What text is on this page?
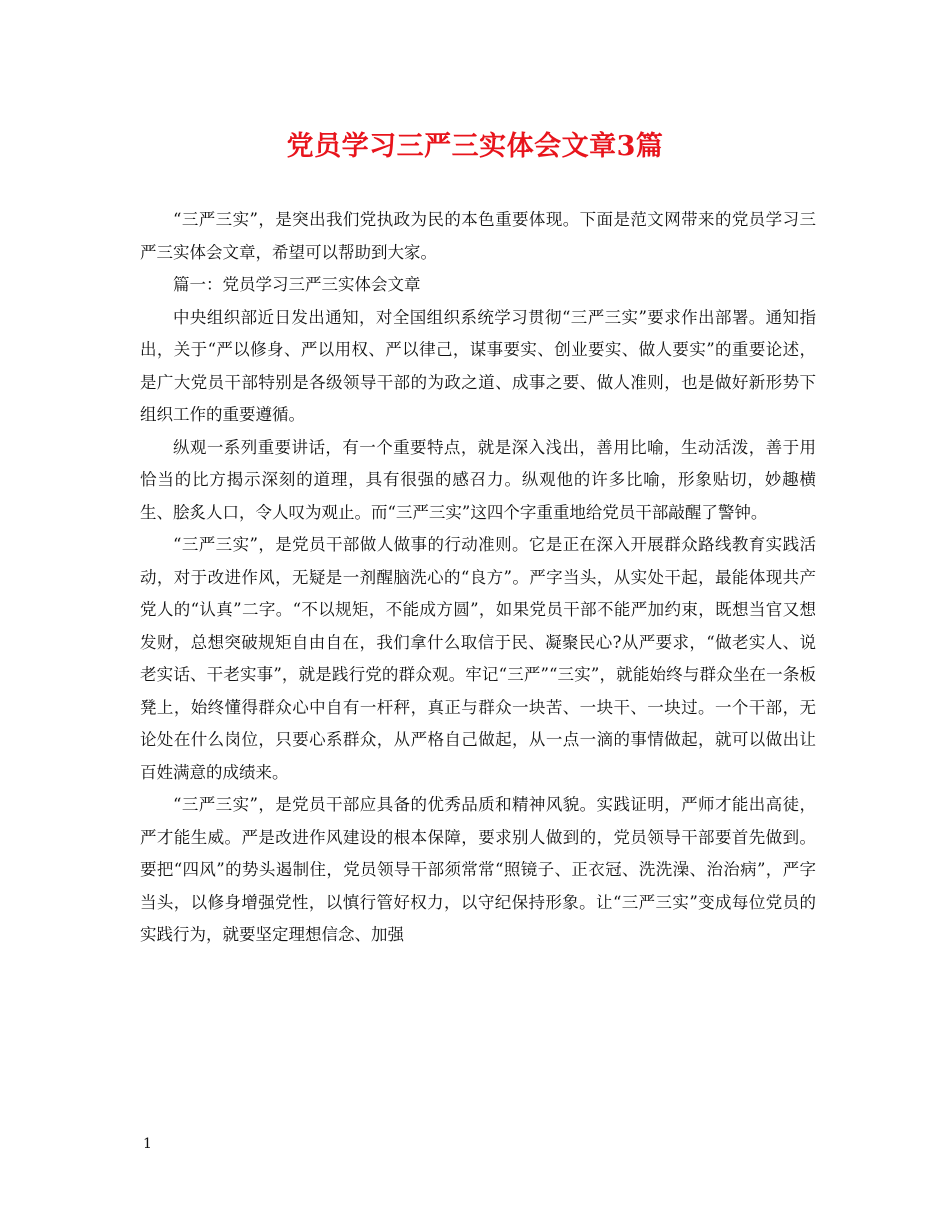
党员学习三严三实体会文章3篇

“三严三实”，是突出我们党执政为民的本色重要体现。下面是范文网带来的党员学习三严三实体会文章，希望可以帮助到大家。

篇一：党员学习三严三实体会文章

中央组织部近日发出通知，对全国组织系统学习贯彻“三严三实”要求作出部署。通知指出，关于“严以修身、严以用权、严以律己，谋事要实、创业要实、做人要实”的重要论述，是广大党员干部特别是各级领导干部的为政之道、成事之要、做人准则，也是做好新形势下组织工作的重要遵循。

纵观一系列重要讲话，有一个重要特点，就是深入浅出，善用比喻，生动活泼，善于用恰当的比方揭示深刻的道理，具有很强的感召力。纵观他的许多比喻，形象贴切，妙趣横生、脍炙人口，令人叹为观止。而“三严三实”这四个字重重地给党员干部敲醒了警钟。

“三严三实”，是党员干部做人做事的行动准则。它是正在深入开展群众路线教育实践活动，对于改进作风，无疑是一剂醒脑洗心的“良方”。严字当头，从实处干起，最能体现共产党人的“认真”二字。“不以规矩，不能成方圆”，如果党员干部不能严加约束，既想当官又想发财，总想突破规矩自由自在，我们拿什么取信于民、凝聚民心?从严要求，“做老实人、说老实话、干老实事”，就是践行党的群众观。牢记“三严”“三实”，就能始终与群众坐在一条板凳上，始终懂得群众心中自有一杆秤，真正与群众一块苦、一块干、一块过。一个干部，无论处在什么岗位，只要心系群众，从严格自己做起，从一点一滴的事情做起，就可以做出让百姓满意的成绩来。

“三严三实”，是党员干部应具备的优秀品质和精神风貌。实践证明，严师才能出高徒，严才能生威。严是改进作风建设的根本保障，要求别人做到的，党员领导干部要首先做到。要把“四风”的势头遏制住，党员领导干部须常常“照镜子、正衣冠、洗洗澡、治治病”，严字当头，以修身增强党性，以慎行管好权力，以守纪保持形象。让“三严三实”变成每位党员的实践行为，就要坚定理想信念、加强

1
